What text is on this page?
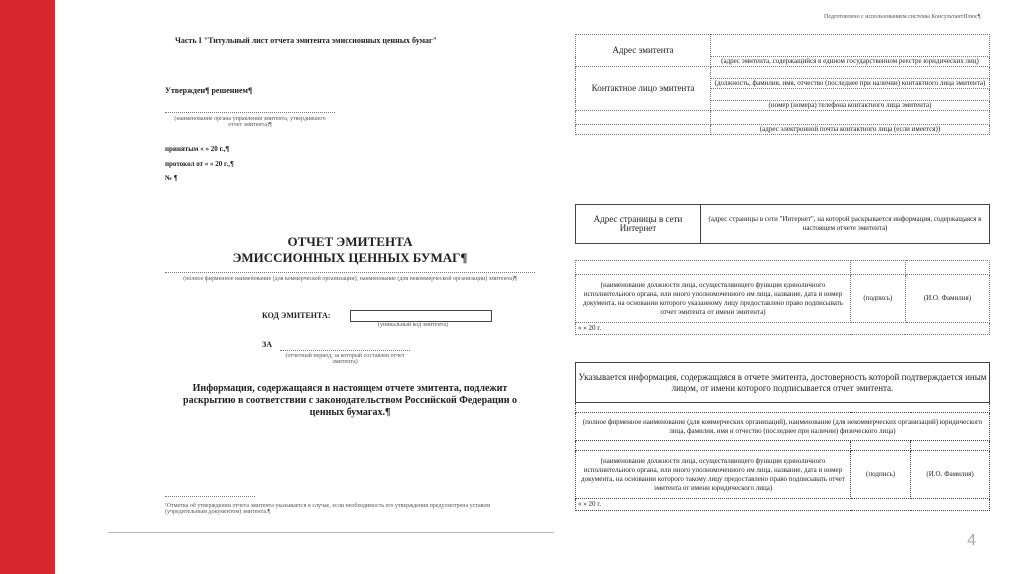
Подготовлено с использованием системы КонсультантПлюс¶
Часть I "Титульный лист отчета эмитента эмиссионных ценных бумаг"
Утвержден¶ решением¶
(наименование органа управления эмитента, утвердившего отчет эмитента)¶
принятым « » 20 г.,¶
протокол от « » 20 г.,¶
№ ¶
ОТЧЕТ ЭМИТЕНТА
ЭМИССИОННЫХ ЦЕННЫХ БУМАГ¶
(полное фирменное наименование (для коммерческой организации), наименование (для некоммерческой организации) эмитента)¶
КОД ЭМИТЕНТА:
(уникальный код эмитента)
ЗА
(отчетный период, за который составлен отчет эмитента)
Информация, содержащаяся в настоящем отчете эмитента, подлежит раскрытию в соответствии с законодательством Российской Федерации о ценных бумагах.¶
¹Отметка об утверждении отчета эмитента указывается в случае, если необходимость его утверждения предусмотрена уставом (учредительным документом) эмитента.¶
Адрес эмитента	
	(адрес эмитента, содержащийся в едином государственном реестре юридических лиц)
Контактное лицо эмитента	
	(должность, фамилия, имя, отчество (последнее при наличии) контактного лица эмитента)

	(номер (номера) телефона контактного лица эмитента)

	(адрес электронной почты контактного лица (если имеется))
Адрес страницы в сети Интернет	(адрес страницы в сети "Интернет", на которой раскрывается информация, содержащаяся в настоящем отчете эмитента)

(наименование должности лица, осуществляющего функции единоличного исполнительного органа, или иного уполномоченного им лица, название, дата и номер документа, на основании которого указанному лицу предоставлено право подписывать отчет эмитента от имени эмитента)	(подпись)	(И.О. Фамилия)
« » 20 г.		
Указывается информация, содержащаяся в отчете эмитента, достоверность которой подтверждается иным лицом, от имени которого подписывается отчет эмитента.		

(полное фирменное наименование (для коммерческих организаций), наименование (для некоммерческих организаций) юридического лица, фамилия, имя и отчество (последнее при наличии) физического лица)		

(наименование должности лица, осуществляющего функции единоличного исполнительного органа, или иного уполномоченного им лица, название, дата и номер документа, на основании которого такому лицу предоставлено право подписывать отчет эмитента от имени юридического лица)	(подпись)	(И.О. Фамилия)
« » 20 г.		
4
